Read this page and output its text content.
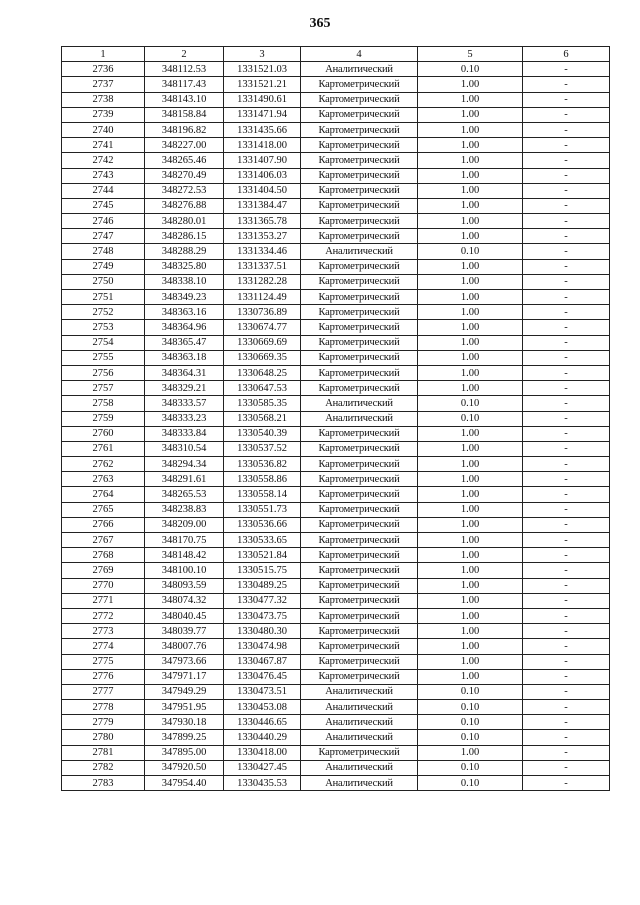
365
1	2	3	4	5	6
2736	348112.53	1331521.03	Аналитический	0.10	-
2737	348117.43	1331521.21	Картометрический	1.00	-
2738	348143.10	1331490.61	Картометрический	1.00	-
2739	348158.84	1331471.94	Картометрический	1.00	-
2740	348196.82	1331435.66	Картометрический	1.00	-
2741	348227.00	1331418.00	Картометрический	1.00	-
2742	348265.46	1331407.90	Картометрический	1.00	-
2743	348270.49	1331406.03	Картометрический	1.00	-
2744	348272.53	1331404.50	Картометрический	1.00	-
2745	348276.88	1331384.47	Картометрический	1.00	-
2746	348280.01	1331365.78	Картометрический	1.00	-
2747	348286.15	1331353.27	Картометрический	1.00	-
2748	348288.29	1331334.46	Аналитический	0.10	-
2749	348325.80	1331337.51	Картометрический	1.00	-
2750	348338.10	1331282.28	Картометрический	1.00	-
2751	348349.23	1331124.49	Картометрический	1.00	-
2752	348363.16	1330736.89	Картометрический	1.00	-
2753	348364.96	1330674.77	Картометрический	1.00	-
2754	348365.47	1330669.69	Картометрический	1.00	-
2755	348363.18	1330669.35	Картометрический	1.00	-
2756	348364.31	1330648.25	Картометрический	1.00	-
2757	348329.21	1330647.53	Картометрический	1.00	-
2758	348333.57	1330585.35	Аналитический	0.10	-
2759	348333.23	1330568.21	Аналитический	0.10	-
2760	348333.84	1330540.39	Картометрический	1.00	-
2761	348310.54	1330537.52	Картометрический	1.00	-
2762	348294.34	1330536.82	Картометрический	1.00	-
2763	348291.61	1330558.86	Картометрический	1.00	-
2764	348265.53	1330558.14	Картометрический	1.00	-
2765	348238.83	1330551.73	Картометрический	1.00	-
2766	348209.00	1330536.66	Картометрический	1.00	-
2767	348170.75	1330533.65	Картометрический	1.00	-
2768	348148.42	1330521.84	Картометрический	1.00	-
2769	348100.10	1330515.75	Картометрический	1.00	-
2770	348093.59	1330489.25	Картометрический	1.00	-
2771	348074.32	1330477.32	Картометрический	1.00	-
2772	348040.45	1330473.75	Картометрический	1.00	-
2773	348039.77	1330480.30	Картометрический	1.00	-
2774	348007.76	1330474.98	Картометрический	1.00	-
2775	347973.66	1330467.87	Картометрический	1.00	-
2776	347971.17	1330476.45	Картометрический	1.00	-
2777	347949.29	1330473.51	Аналитический	0.10	-
2778	347951.95	1330453.08	Аналитический	0.10	-
2779	347930.18	1330446.65	Аналитический	0.10	-
2780	347899.25	1330440.29	Аналитический	0.10	-
2781	347895.00	1330418.00	Картометрический	1.00	-
2782	347920.50	1330427.45	Аналитический	0.10	-
2783	347954.40	1330435.53	Аналитический	0.10	-
